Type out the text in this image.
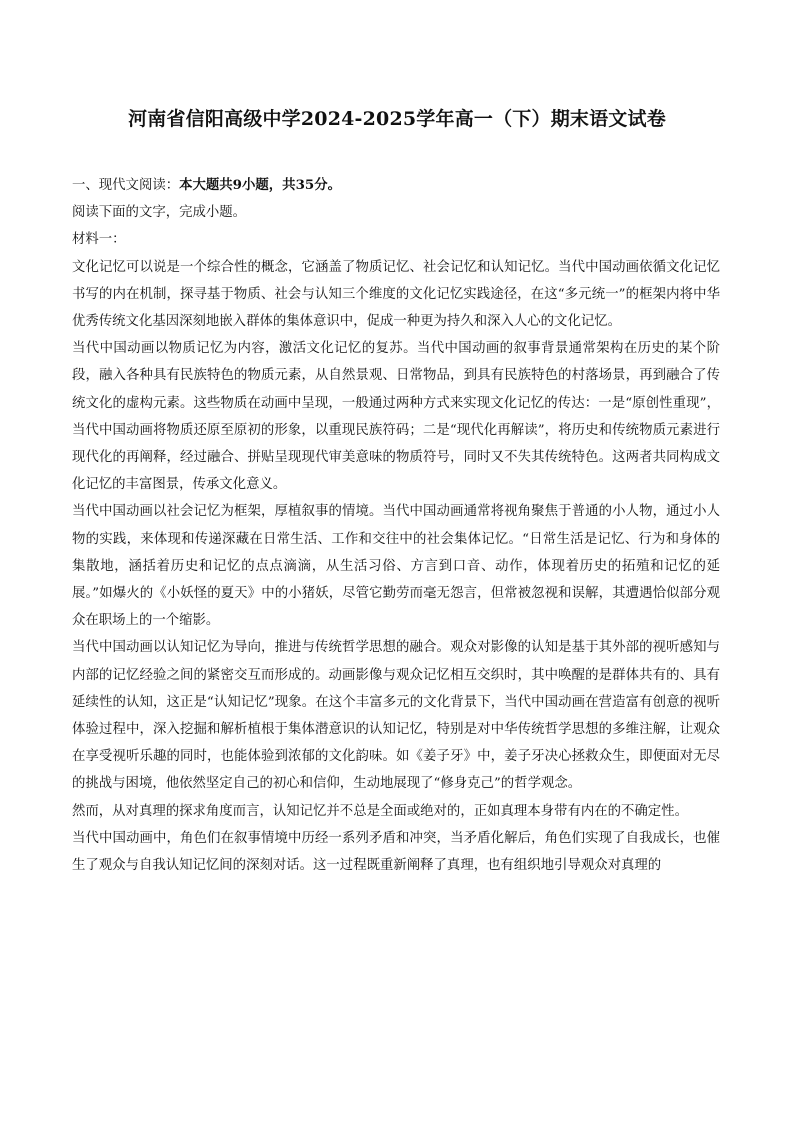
河南省信阳高级中学2024-2025学年高一（下）期末语文试卷

一、现代文阅读：本大题共9小题，共35分。

阅读下面的文字，完成小题。

材料一：

文化记忆可以说是一个综合性的概念，它涵盖了物质记忆、社会记忆和认知记忆。当代中国动画依循文化记忆书写的内在机制，探寻基于物质、社会与认知三个维度的文化记忆实践途径，在这“多元统一”的框架内将中华优秀传统文化基因深刻地嵌入群体的集体意识中，促成一种更为持久和深入人心的文化记忆。

当代中国动画以物质记忆为内容，激活文化记忆的复苏。当代中国动画的叙事背景通常架构在历史的某个阶段，融入各种具有民族特色的物质元素，从自然景观、日常物品，到具有民族特色的村落场景，再到融合了传统文化的虚构元素。这些物质在动画中呈现，一般通过两种方式来实现文化记忆的传达：一是“原创性重现”，当代中国动画将物质还原至原初的形象，以重现民族符码；二是“现代化再解读”，将历史和传统物质元素进行现代化的再阐释，经过融合、拼贴呈现现代审美意味的物质符号，同时又不失其传统特色。这两者共同构成文化记忆的丰富图景，传承文化意义。

当代中国动画以社会记忆为框架，厚植叙事的情境。当代中国动画通常将视角聚焦于普通的小人物，通过小人物的实践，来体现和传递深藏在日常生活、工作和交往中的社会集体记忆。“日常生活是记忆、行为和身体的集散地，涵括着历史和记忆的点点滴滴，从生活习俗、方言到口音、动作，体现着历史的拓殖和记忆的延展。”如爆火的《小妖怪的夏天》中的小猪妖，尽管它勤劳而毫无怨言，但常被忽视和误解，其遭遇恰似部分观众在职场上的一个缩影。

当代中国动画以认知记忆为导向，推进与传统哲学思想的融合。观众对影像的认知是基于其外部的视听感知与内部的记忆经验之间的紧密交互而形成的。动画影像与观众记忆相互交织时，其中唤醒的是群体共有的、具有延续性的认知，这正是“认知记忆”现象。在这个丰富多元的文化背景下，当代中国动画在营造富有创意的视听体验过程中，深入挖掘和解析植根于集体潜意识的认知记忆，特别是对中华传统哲学思想的多维注解，让观众在享受视听乐趣的同时，也能体验到浓郁的文化韵味。如《姜子牙》中，姜子牙决心拯救众生，即便面对无尽的挑战与困境，他依然坚定自己的初心和信仰，生动地展现了“修身克己”的哲学观念。

然而，从对真理的探求角度而言，认知记忆并不总是全面或绝对的，正如真理本身带有内在的不确定性。

当代中国动画中，角色们在叙事情境中历经一系列矛盾和冲突，当矛盾化解后，角色们实现了自我成长，也催生了观众与自我认知记忆间的深刻对话。这一过程既重新阐释了真理，也有组织地引导观众对真理的
